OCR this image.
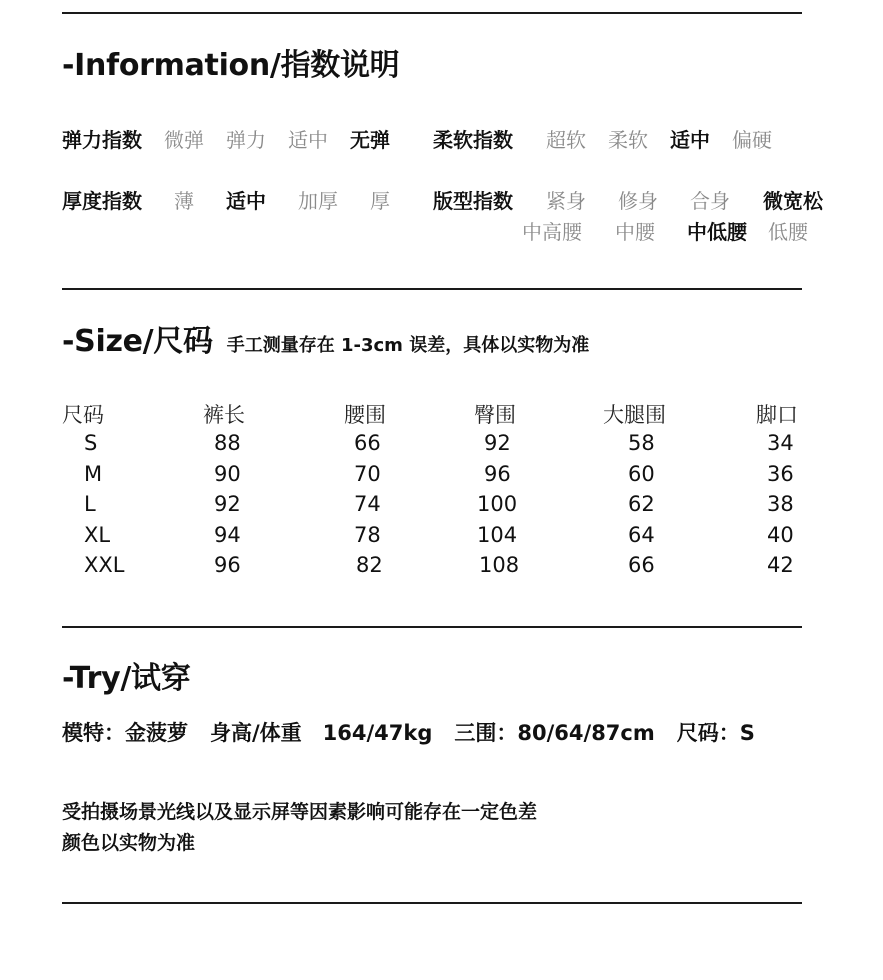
-Information/指数说明
弹力指数 微弹 弹力 适中 无弹 柔软指数 超软 柔软 适中 偏硬
厚度指数 薄 适中 加厚 厚 版型指数 紧身 修身 合身 微宽松
中高腰 中腰 中低腰 低腰
-Size/尺码 手工测量存在 1-3cm 误差，具体以实物为准
尺码	裤长	腰围	臀围	大腿围	脚口
S	88	66	92	58	34
M	90	70	96	60	36
L	92	74	100	62	38
XL	94	78	104	64	40
XXL	96	82	108	66	42
-Try/试穿
模特：金菠萝 身高/体重　164/47kg 三围：80/64/87cm 尺码：S
受拍摄场景光线以及显示屏等因素影响可能存在一定色差
颜色以实物为准
